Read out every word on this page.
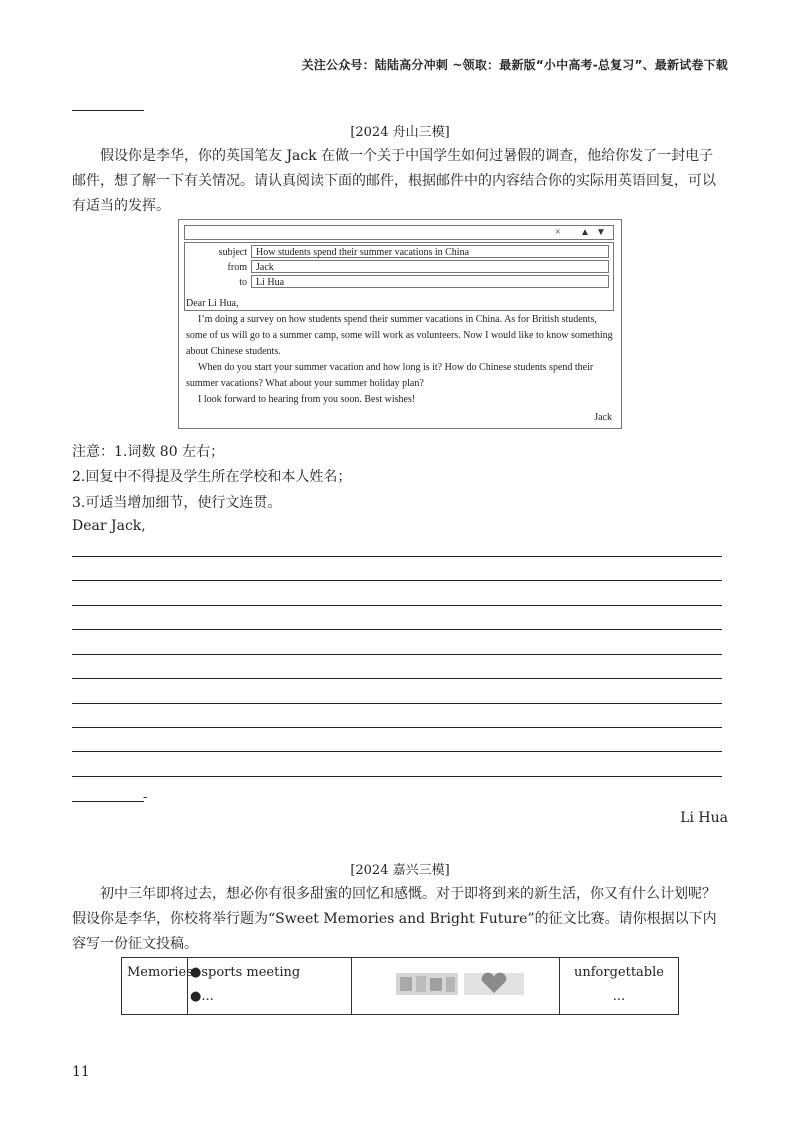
关注公众号：陆陆高分冲刺 ~领取：最新版“小中高考-总复习”、最新试卷下载
[2024 舟山三模]
假设你是李华，你的英国笔友 Jack 在做一个关于中国学生如何过暑假的调查，他给你发了一封电子邮件，想了解一下有关情况。请认真阅读下面的邮件，根据邮件中的内容结合你的实际用英语回复，可以有适当的发挥。
× ▲ ▼
subject How students spend their summer vacations in China
from Jack
to Li Hua

Dear Li Hua,

I’m doing a survey on how students spend their summer vacations in China. As for British students, some of us will go to a summer camp, some will work as volunteers. Now I would like to know something about Chinese students.

When do you start your summer vacation and how long is it? How do Chinese students spend their summer vacations? What about your summer holiday plan?

I look forward to hearing from you soon. Best wishes!

Jack

注意：1.词数 80 左右；
2.回复中不得提及学生所在学校和本人姓名；
3.可适当增加细节，使行文连贯。
Dear Jack,
-
Li Hua
[2024 嘉兴三模]
初中三年即将过去，想必你有很多甜蜜的回忆和感慨。对于即将到来的新生活，你又有什么计划呢？假设你是李华，你校将举行题为“Sweet Memories and Bright Future”的征文比赛。请你根据以下内容写一份征文投稿。
Memories
●sports meeting
●...
unforgettable
...
11
